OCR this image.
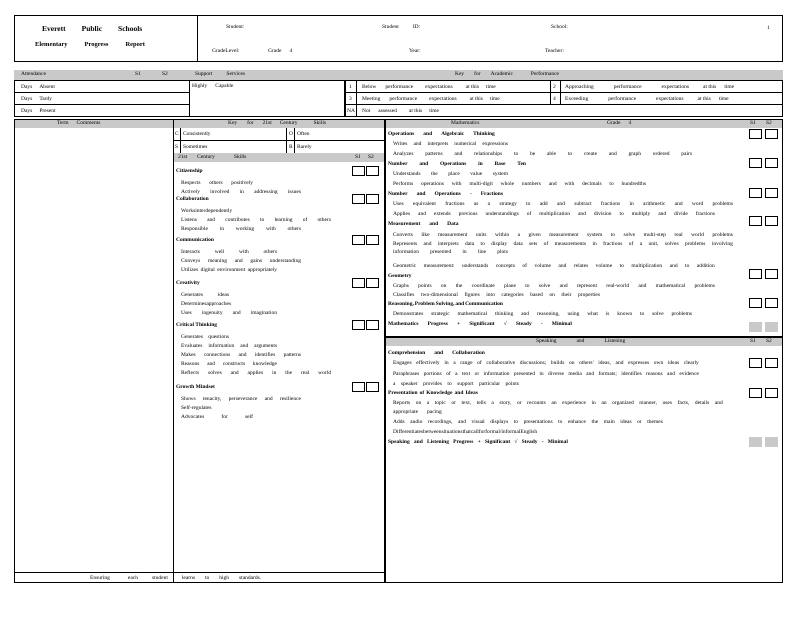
Everett Public Schools
Elementary	Progress	Report
Student:	Student	ID:	School:	1
GradeLevel:	Grade 4	Year:	Teacher:
Attendance	S1	S2	Support	Services	Key for Academic	Performance
Days Absent
Days Tardy
Days Present
Highly Capable	1 Below performance expectations at this time	2 Approaching	performance	expectations	at this time
3 Meeting performance expectations at this time	4 Exceeding	performance	expectations	at this time
NA Not assessed at this time
Term Comments	Key for 21st Century	Skills
C Consistently	O Often
S Sometimes	R Rarely
21st Century	Skills	S1 S2
Citizenship
Respects others positively
Actively involved in addressing issues
Collaboration
Works interdependently
Listens and contributes to learning of others
Responsible in working with others
Communication
Interacts	well	with	others
Conveys meaning and gains understanding
Utilizes digital environment appropriately
Creativity
Generates	ideas
Determines approaches
Uses ingenuity and imagination
Critical Thinking
Generates questions
Evaluates information and arguments
Makes connections and identifies patterns
Reasons and constructs knowledge
Reflects solves and applies in the real world
Growth Mindset
Shows tenacity, perseverance and resilience
Self-regulates
Advocates	for	self
Mathematics	Grade 4	S1 S2
Operations and Algebraic Thinking
Writes and interprets numerical expressions
Analyzes patterns and relationships to be able to create and graph ordered pairs
Number and Operations in Base Ten
Understands the place value system
Performs operations with multi-digit whole numbers and with decimals to hundredths
Number and Operations - Fractions
Uses equivalent fractions as a strategy to add and subtract fractions in arithmetic and word problems
Applies and extends previous understandings of multiplication and division to multiply and divide fractions
Measurement and Data
Converts like measurement units within a given measurement system to solve multi-step real world problems
Represents and interprets data to display data sets of measurements in fractions of a unit, solves problems involving
information presented in line plots
Geometric measurement: understands concepts of volume and relates volume to multiplication and to addition
Geometry
Graphs points on the coordinate plane to solve and represent real-world and mathematical problems
Classifies two-dimensional figures into categories based on their properties
Reasoning, Problem Solving, and Communication
Demonstrates strategic mathematical thinking and reasoning, using what is known to solve problems
Mathematics Progress + Significant √ Steady - Minimal
Speaking	and	Listening	S1 S2
Comprehension and Collaboration
Engages effectively in a range of collaborative discussions; builds on others' ideas, and expresses own ideas clearly
Paraphrases portions of a text or information presented in diverse media and formats; identifies reasons and evidence
a speaker provides to support particular points
Presentation of Knowledge and Ideas
Reports on a topic or text, tells a story, or recounts an experience in an organized manner, uses facts, details and
appropriate pacing
Adds audio recordings, and visual displays to presentations to enhance the main ideas or themes
Differentiates between situations that call for formal/informal English
Speaking and Listening Progress + Significant √ Steady - Minimal
Ensuring	each	student	learns to high standards.
